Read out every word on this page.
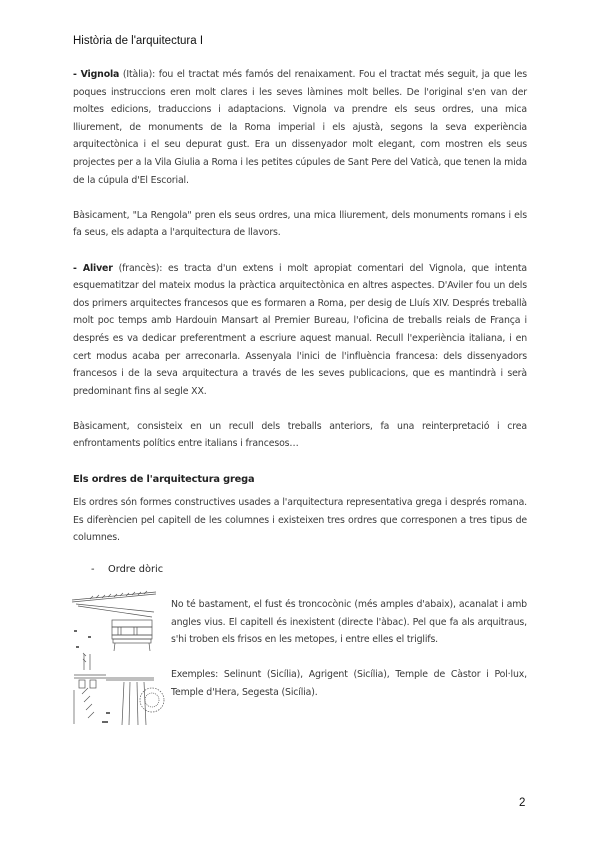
Història de l'arquitectura I

- Vignola (Itàlia): fou el tractat més famós del renaixament. Fou el tractat més seguit, ja que les poques instruccions eren molt clares i les seves làmines molt belles. De l'original s'en van der moltes edicions, traduccions i adaptacions. Vignola va prendre els seus ordres, una mica lliurement, de monuments de la Roma imperial i els ajustà, segons la seva experiència arquitectònica i el seu depurat gust. Era un dissenyador molt elegant, com mostren els seus projectes per a la Vila Giulia a Roma i les petites cúpules de Sant Pere del Vaticà, que tenen la mida de la cúpula d'El Escorial.

Bàsicament, "La Rengola" pren els seus ordres, una mica lliurement, dels monuments romans i els fa seus, els adapta a l'arquitectura de llavors.

- Aliver (francès): es tracta d'un extens i molt apropiat comentari del Vignola, que intenta esquematitzar del mateix modus la pràctica arquitectònica en altres aspectes. D'Aviler fou un dels dos primers arquitectes francesos que es formaren a Roma, per desig de Lluís XIV. Després treballà molt poc temps amb Hardouin Mansart al Premier Bureau, l'oficina de treballs reials de França i després es va dedicar preferentment a escriure aquest manual. Recull l'experiència italiana, i en cert modus acaba per arreconarla. Assenyala l'inici de l'influència francesa: dels dissenyadors francesos i de la seva arquitectura a través de les seves publicacions, que es mantindrà i serà predominant fins al segle XX.

Bàsicament, consisteix en un recull dels treballs anteriors, fa una reinterpretació i crea enfrontaments polítics entre italians i francesos…

Els ordres de l'arquitectura grega

Els ordres són formes constructives usades a l'arquitectura representativa grega i després romana. Es diferèncien pel capitell de les columnes i existeixen tres ordres que corresponen a tres tipus de columnes.

- Ordre dòric

No té bastament, el fust és troncocònic (més amples d'abaix), acanalat i amb angles vius. El capitell és inexistent (directe l'àbac). Pel que fa als arquitraus, s'hi troben els frisos en les metopes, i entre elles el triglifs.

Exemples: Selinunt (Sicília), Agrigent (Sicília), Temple de Càstor i Pol·lux, Temple d'Hera, Segesta (Sicília).

2
